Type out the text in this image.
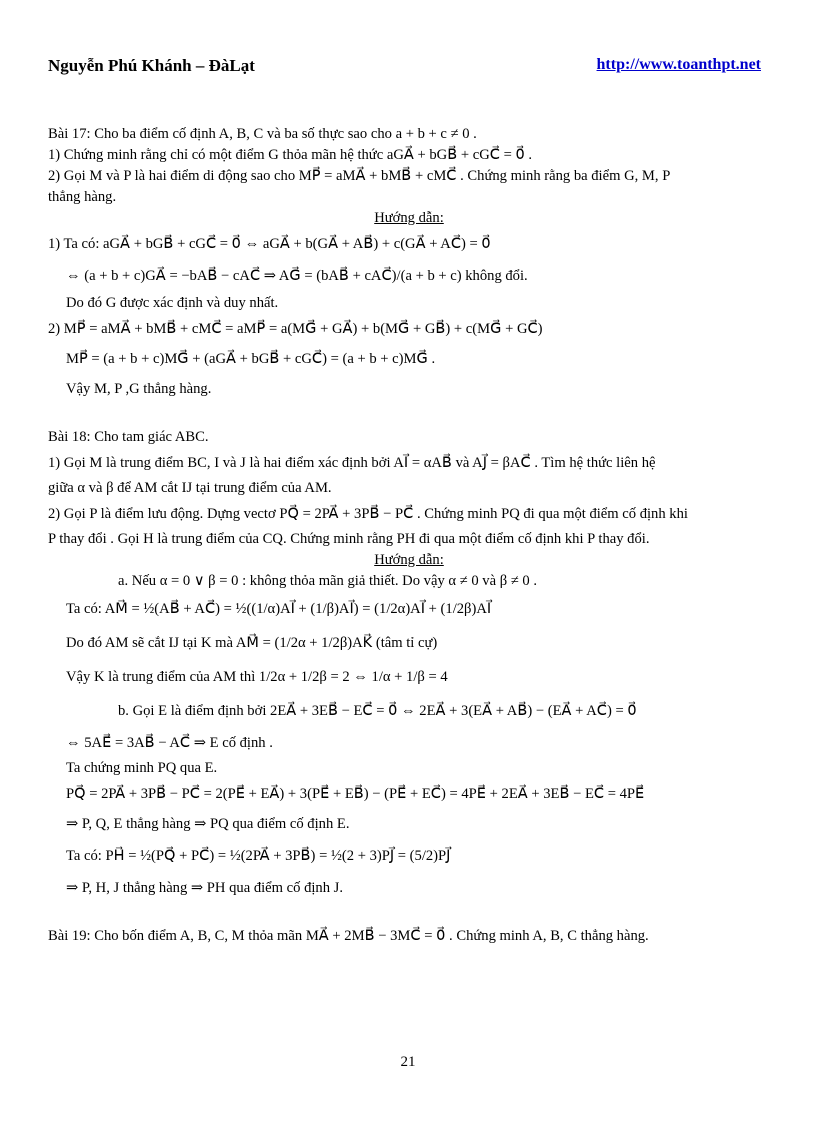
Nguyễn Phú Khánh – ĐàLạt	http://www.toanthpt.net

Bài 17: Cho ba điểm cố định A, B, C và ba số thực sao cho a + b + c ≠ 0 .

1) Chứng minh rằng chỉ có một điểm G thỏa mãn hệ thức aGA⃗ + bGB⃗ + cGC⃗ = 0⃗ .

2) Gọi M và P là hai điểm di động sao cho MP⃗ = aMA⃗ + bMB⃗ + cMC⃗ . Chứng minh rằng ba điểm G, M, P

thẳng hàng.

Hướng dẫn:

1) Ta có: aGA⃗ + bGB⃗ + cGC⃗ = 0⃗ ⇔ aGA⃗ + b(GA⃗ + AB⃗) + c(GA⃗ + AC⃗) = 0⃗

⇔ (a + b + c)GA⃗ = −bAB⃗ − cAC⃗ ⇒ AG⃗ = (bAB⃗ + cAC⃗)/(a + b + c) không đổi.

Do đó G được xác định và duy nhất.

2) MP⃗ = aMA⃗ + bMB⃗ + cMC⃗ = aMP⃗ = a(MG⃗ + GA⃗) + b(MG⃗ + GB⃗) + c(MG⃗ + GC⃗)

MP⃗ = (a + b + c)MG⃗ + (aGA⃗ + bGB⃗ + cGC⃗) = (a + b + c)MG⃗ .

Vậy M, P ,G thẳng hàng.

Bài 18: Cho tam giác ABC.

1) Gọi M là trung điểm BC, I và J là hai điểm xác định bởi AI⃗ = αAB⃗ và AJ⃗ = βAC⃗ . Tìm hệ thức liên hệ

giữa α và β để AM cắt IJ tại trung điểm của AM.

2) Gọi P là điểm lưu động. Dựng vectơ PQ⃗ = 2PA⃗ + 3PB⃗ − PC⃗ . Chứng minh PQ đi qua một điểm cố định khi

P thay đổi . Gọi H là trung điểm của CQ. Chứng minh rằng PH đi qua một điểm cố định khi P thay đổi.

Hướng dẫn:

a. Nếu α = 0 ∨ β = 0 : không thỏa mãn giả thiết. Do vậy α ≠ 0 và β ≠ 0 .

Ta có: AM⃗ = ½(AB⃗ + AC⃗) = ½((1/α)AI⃗ + (1/β)AI⃗) = (1/2α)AI⃗ + (1/2β)AI⃗

Do đó AM sẽ cắt IJ tại K mà AM⃗ = (1/2α + 1/2β)AK⃗ (tâm tỉ cự)

Vậy K là trung điểm của AM thì 1/2α + 1/2β = 2 ⇔ 1/α + 1/β = 4

b. Gọi E là điểm định bởi 2EA⃗ + 3EB⃗ − EC⃗ = 0⃗ ⇔ 2EA⃗ + 3(EA⃗ + AB⃗) − (EA⃗ + AC⃗) = 0⃗

⇔ 5AE⃗ = 3AB⃗ − AC⃗ ⇒ E cố định .

Ta chứng minh PQ qua E.

PQ⃗ = 2PA⃗ + 3PB⃗ − PC⃗ = 2(PE⃗ + EA⃗) + 3(PE⃗ + EB⃗) − (PE⃗ + EC⃗) = 4PE⃗ + 2EA⃗ + 3EB⃗ − EC⃗ = 4PE⃗

⇒ P, Q, E thẳng hàng ⇒ PQ qua điểm cố định E.

Ta có: PH⃗ = ½(PQ⃗ + PC⃗) = ½(2PA⃗ + 3PB⃗) = ½(2 + 3)PJ⃗ = (5/2)PJ⃗

⇒ P, H, J thẳng hàng ⇒ PH qua điểm cố định J.

Bài 19: Cho bốn điểm A, B, C, M thỏa mãn MA⃗ + 2MB⃗ − 3MC⃗ = 0⃗ . Chứng minh A, B, C thẳng hàng.

21
